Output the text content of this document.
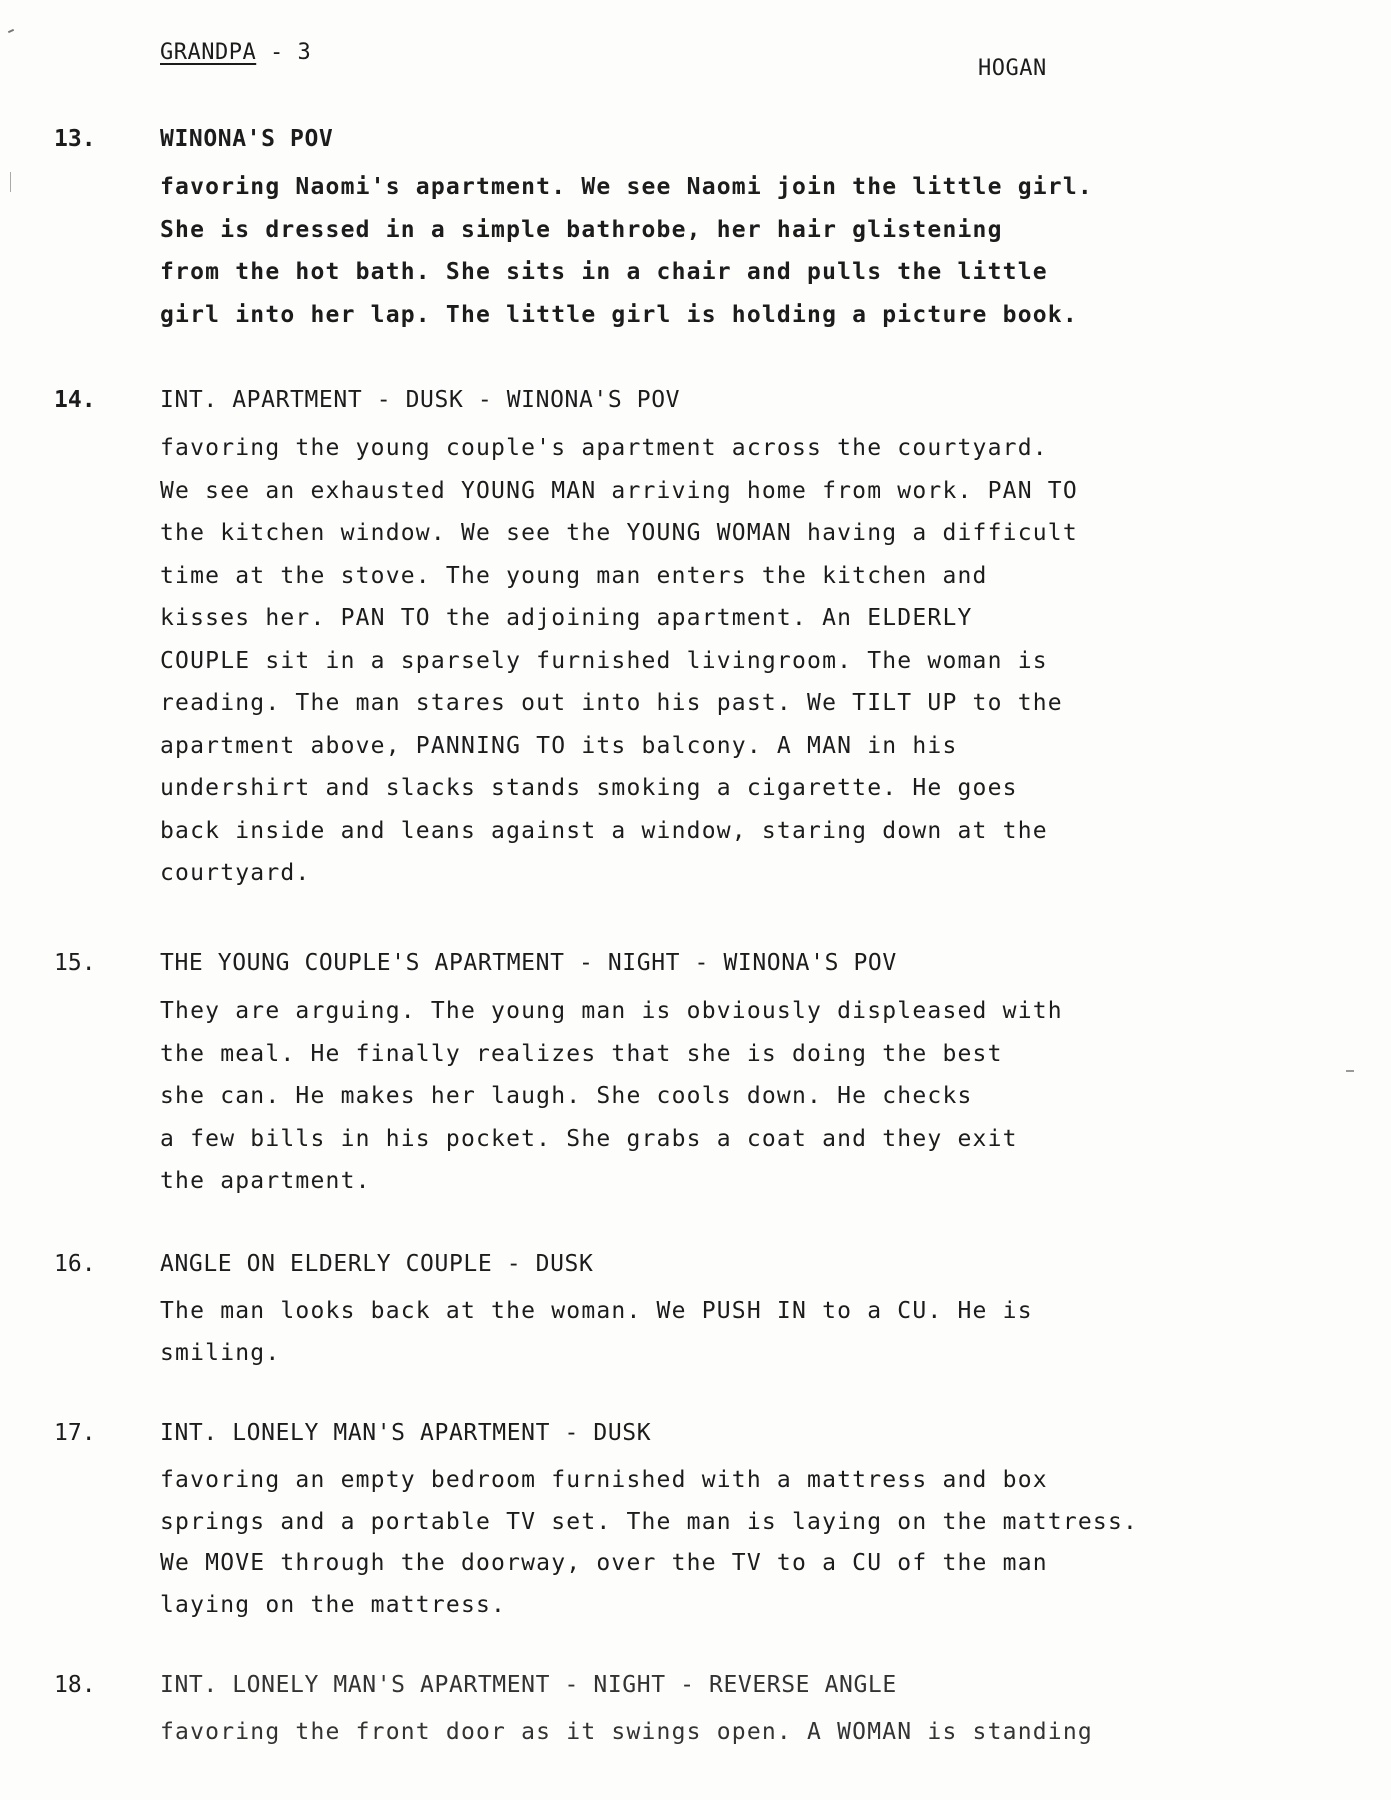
GRANDPA - 3
HOGAN
13.	WINONA'S POV
favoring Naomi's apartment. We see Naomi join the little girl.
She is dressed in a simple bathrobe, her hair glistening
from the hot bath. She sits in a chair and pulls the little
girl into her lap. The little girl is holding a picture book.
14.	INT. APARTMENT - DUSK - WINONA'S POV
favoring the young couple's apartment across the courtyard.
We see an exhausted YOUNG MAN arriving home from work. PAN TO
the kitchen window. We see the YOUNG WOMAN having a difficult
time at the stove. The young man enters the kitchen and
kisses her. PAN TO the adjoining apartment. An ELDERLY
COUPLE sit in a sparsely furnished livingroom. The woman is
reading. The man stares out into his past. We TILT UP to the
apartment above, PANNING TO its balcony. A MAN in his
undershirt and slacks stands smoking a cigarette. He goes
back inside and leans against a window, staring down at the
courtyard.
15.	THE YOUNG COUPLE'S APARTMENT - NIGHT - WINONA'S POV
They are arguing. The young man is obviously displeased with
the meal. He finally realizes that she is doing the best
she can. He makes her laugh. She cools down. He checks
a few bills in his pocket. She grabs a coat and they exit
the apartment.
16.	ANGLE ON ELDERLY COUPLE - DUSK
The man looks back at the woman. We PUSH IN to a CU. He is
smiling.
17.	INT. LONELY MAN'S APARTMENT - DUSK
favoring an empty bedroom furnished with a mattress and box
springs and a portable TV set. The man is laying on the mattress.
We MOVE through the doorway, over the TV to a CU of the man
laying on the mattress.
18.	INT. LONELY MAN'S APARTMENT - NIGHT - REVERSE ANGLE
favoring the front door as it swings open. A WOMAN is standing
